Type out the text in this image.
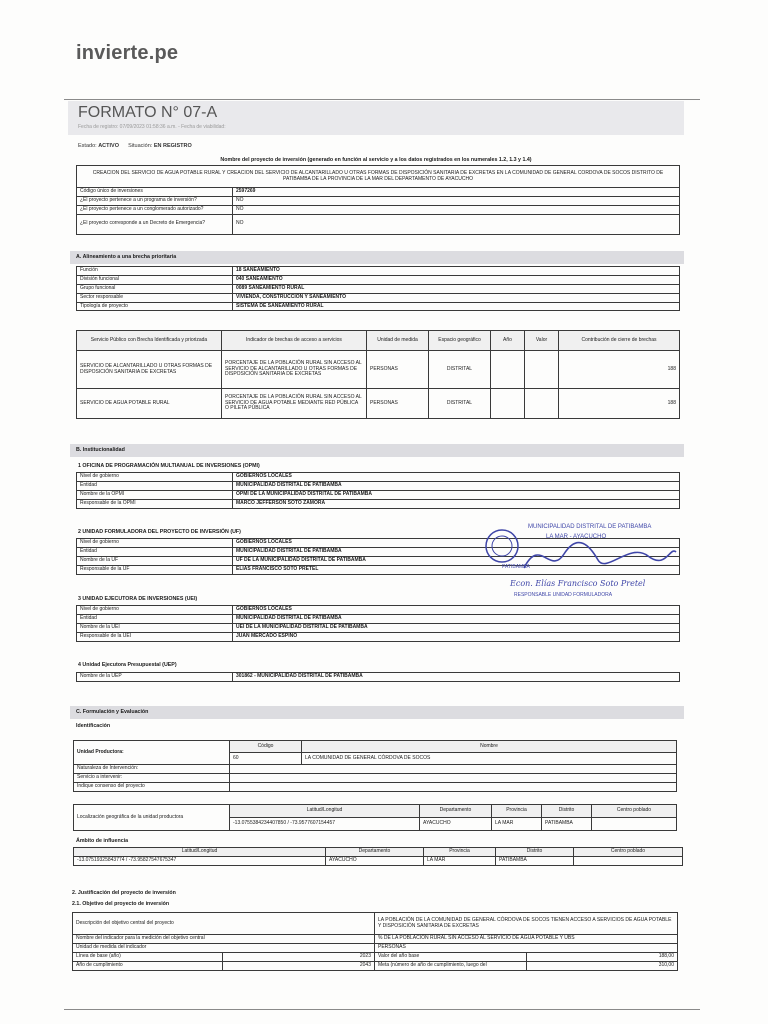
invierte.pe
FORMATO N° 07-A
Fecha de registro: 07/09/2023 01:58:36 a.m. - Fecha de viabilidad:
Estado: ACTIVO Situación: EN REGISTRO
Nombre del proyecto de inversión (generado en función al servicio y a los datos registrados en los numerales 1.2, 1.3 y 1.4)
CREACION DEL SERVICIO DE AGUA POTABLE RURAL Y CREACION DEL SERVICIO DE ALCANTARILLADO U OTRAS FORMAS DE DISPOSICIÓN SANITARIA DE EXCRETAS EN LA COMUNIDAD DE GENERAL CORDOVA DE SOCOS DISTRITO DE PATIBAMBA DE LA PROVINCIA DE LA MAR DEL DEPARTAMENTO DE AYACUCHO	
Código único de inversiones	2597269
¿El proyecto pertenece a un programa de inversión?	NO
¿El proyecto pertenece a un conglomerado autorizado?	NO
¿El proyecto corresponde a un Decreto de Emergencia?	NO
A. Alineamiento a una brecha prioritaria
Función	18 SANEAMIENTO
División funcional	040 SANEAMIENTO
Grupo funcional	0089 SANEAMIENTO RURAL
Sector responsable	VIVIENDA, CONSTRUCCION Y SANEAMIENTO
Tipología de proyecto	SISTEMA DE SANEAMIENTO RURAL
Servicio Público con Brecha Identificada y priorizada	Indicador de brechas de acceso a servicios	Unidad de medida	Espacio geográfico	Año	Valor	Contribución de cierre de brechas
SERVICIO DE ALCANTARILLADO U OTRAS FORMAS DE DISPOSICIÓN SANITARIA DE EXCRETAS	PORCENTAJE DE LA POBLACIÓN RURAL SIN ACCESO AL SERVICIO DE ALCANTARILLADO U OTRAS FORMAS DE DISPOSICIÓN SANITARIA DE EXCRETAS	PERSONAS	DISTRITAL			188
SERVICIO DE AGUA POTABLE RURAL	PORCENTAJE DE LA POBLACIÓN RURAL SIN ACCESO AL SERVICIO DE AGUA POTABLE MEDIANTE RED PÚBLICA O PILETA PÚBLICA	PERSONAS	DISTRITAL			188
B. Institucionalidad
1 OFICINA DE PROGRAMACIÓN MULTIANUAL DE INVERSIONES (OPMI)
Nivel de gobierno	GOBIERNOS LOCALES
Entidad	MUNICIPALIDAD DISTRITAL DE PATIBAMBA
Nombre de la OPMI	OPMI DE LA MUNICIPALIDAD DISTRITAL DE PATIBAMBA
Responsable de la OPMI	MARCO JEFFERSON SOTO ZAMORA
2 UNIDAD FORMULADORA DEL PROYECTO DE INVERSIÓN (UF)
Nivel de gobierno	GOBIERNOS LOCALES
Entidad	MUNICIPALIDAD DISTRITAL DE PATIBAMBA
Nombre de la UF	UF DE LA MUNICIPALIDAD DISTRITAL DE PATIBAMBA
Responsable de la UF	ELIAS FRANCISCO SOTO PRETEL
3 UNIDAD EJECUTORA DE INVERSIONES (UEI)
Nivel de gobierno	GOBIERNOS LOCALES
Entidad	MUNICIPALIDAD DISTRITAL DE PATIBAMBA
Nombre de la UEI	UEI DE LA MUNICIPALIDAD DISTRITAL DE PATIBAMBA
Responsable de la UEI	JUAN MERCADO ESPINO
4 Unidad Ejecutora Presupuestal (UEP)
Nombre de la UEP	301862 - MUNICIPALIDAD DISTRITAL DE PATIBAMBA
MUNICIPALIDAD DISTRITAL DE PATIBAMBA
LA MAR - AYACUCHO
PATIBAMBA
Econ. Elías Francisco Soto Pretel
RESPONSABLE UNIDAD FORMULADORA
C. Formulación y Evaluación
Identificación
Unidad Productora:	Código	Nombre
	60	LA COMUNIDAD DE GENERAL CÓRDOVA DE SOCOS
Naturaleza de Intervención:		
Servicio a intervenir:		
Indique consenso del proyecto		
Localización geográfica de la unidad productora	Latitud/Longitud	Departamento	Provincia	Distrito	Centro poblado
	-13.0755384234407850 / -73.9577607154457	AYACUCHO	LA MAR	PATIBAMBA	
Ámbito de influencia
Latitud/Longitud	Departamento	Provincia	Distrito	Centro poblado
-13.07519325843774 / -73.95827547675347	AYACUCHO	LA MAR	PATIBAMBA	
2. Justificación del proyecto de inversión
2.1. Objetivo del proyecto de inversión
Descripción del objetivo central del proyecto		LA POBLACIÓN DE LA COMUNIDAD DE GENERAL CÓRDOVA DE SOCOS TIENEN ACCESO A SERVICIOS DE AGUA POTABLE Y DISPOSICIÓN SANITARIA DE EXCRETAS	
Nombre del indicador para la medición del objetivo central		% DE LA POBLACIÓN RURAL SIN ACCESO AL SERVICIO DE AGUA POTABLE Y UBS	
Unidad de medida del indicador		PERSONAS	
Línea de base (año)	2023	Valor del año base	188,00
Año de cumplimiento	2043	Meta (número de año de cumplimiento, luego del	310,00
